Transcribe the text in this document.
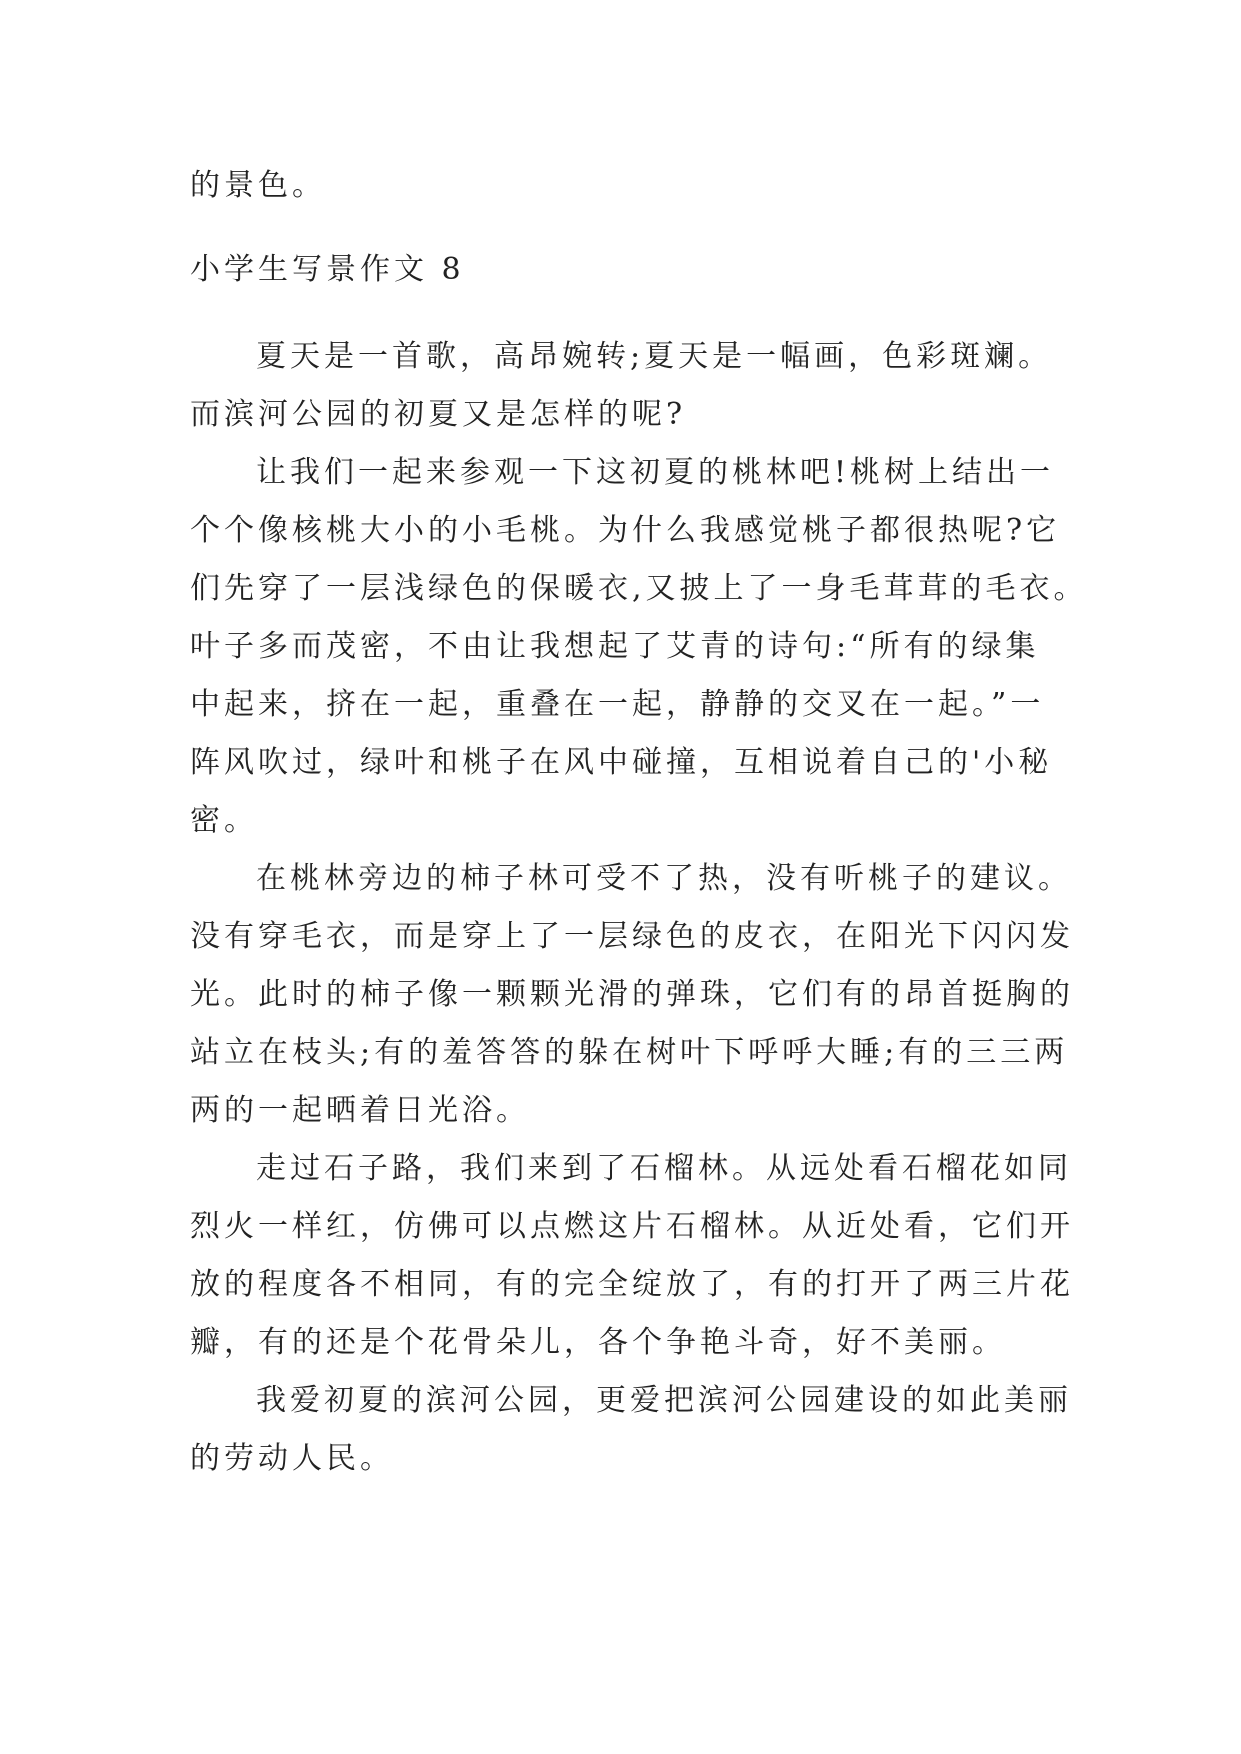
的景色。
小学生写景作文 8
夏天是一首歌，高昂婉转;夏天是一幅画，色彩斑斓。
而滨河公园的初夏又是怎样的呢?
让我们一起来参观一下这初夏的桃林吧!桃树上结出一
个个像核桃大小的小毛桃。为什么我感觉桃子都很热呢?它
们先穿了一层浅绿色的保暖衣,又披上了一身毛茸茸的毛衣。
叶子多而茂密，不由让我想起了艾青的诗句:“所有的绿集
中起来，挤在一起，重叠在一起，静静的交叉在一起。”一
阵风吹过，绿叶和桃子在风中碰撞，互相说着自己的'小秘
密。
在桃林旁边的柿子林可受不了热，没有听桃子的建议。
没有穿毛衣，而是穿上了一层绿色的皮衣，在阳光下闪闪发
光。此时的柿子像一颗颗光滑的弹珠，它们有的昂首挺胸的
站立在枝头;有的羞答答的躲在树叶下呼呼大睡;有的三三两
两的一起晒着日光浴。
走过石子路，我们来到了石榴林。从远处看石榴花如同
烈火一样红，仿佛可以点燃这片石榴林。从近处看，它们开
放的程度各不相同，有的完全绽放了，有的打开了两三片花
瓣，有的还是个花骨朵儿，各个争艳斗奇，好不美丽。
我爱初夏的滨河公园，更爱把滨河公园建设的如此美丽
的劳动人民。
